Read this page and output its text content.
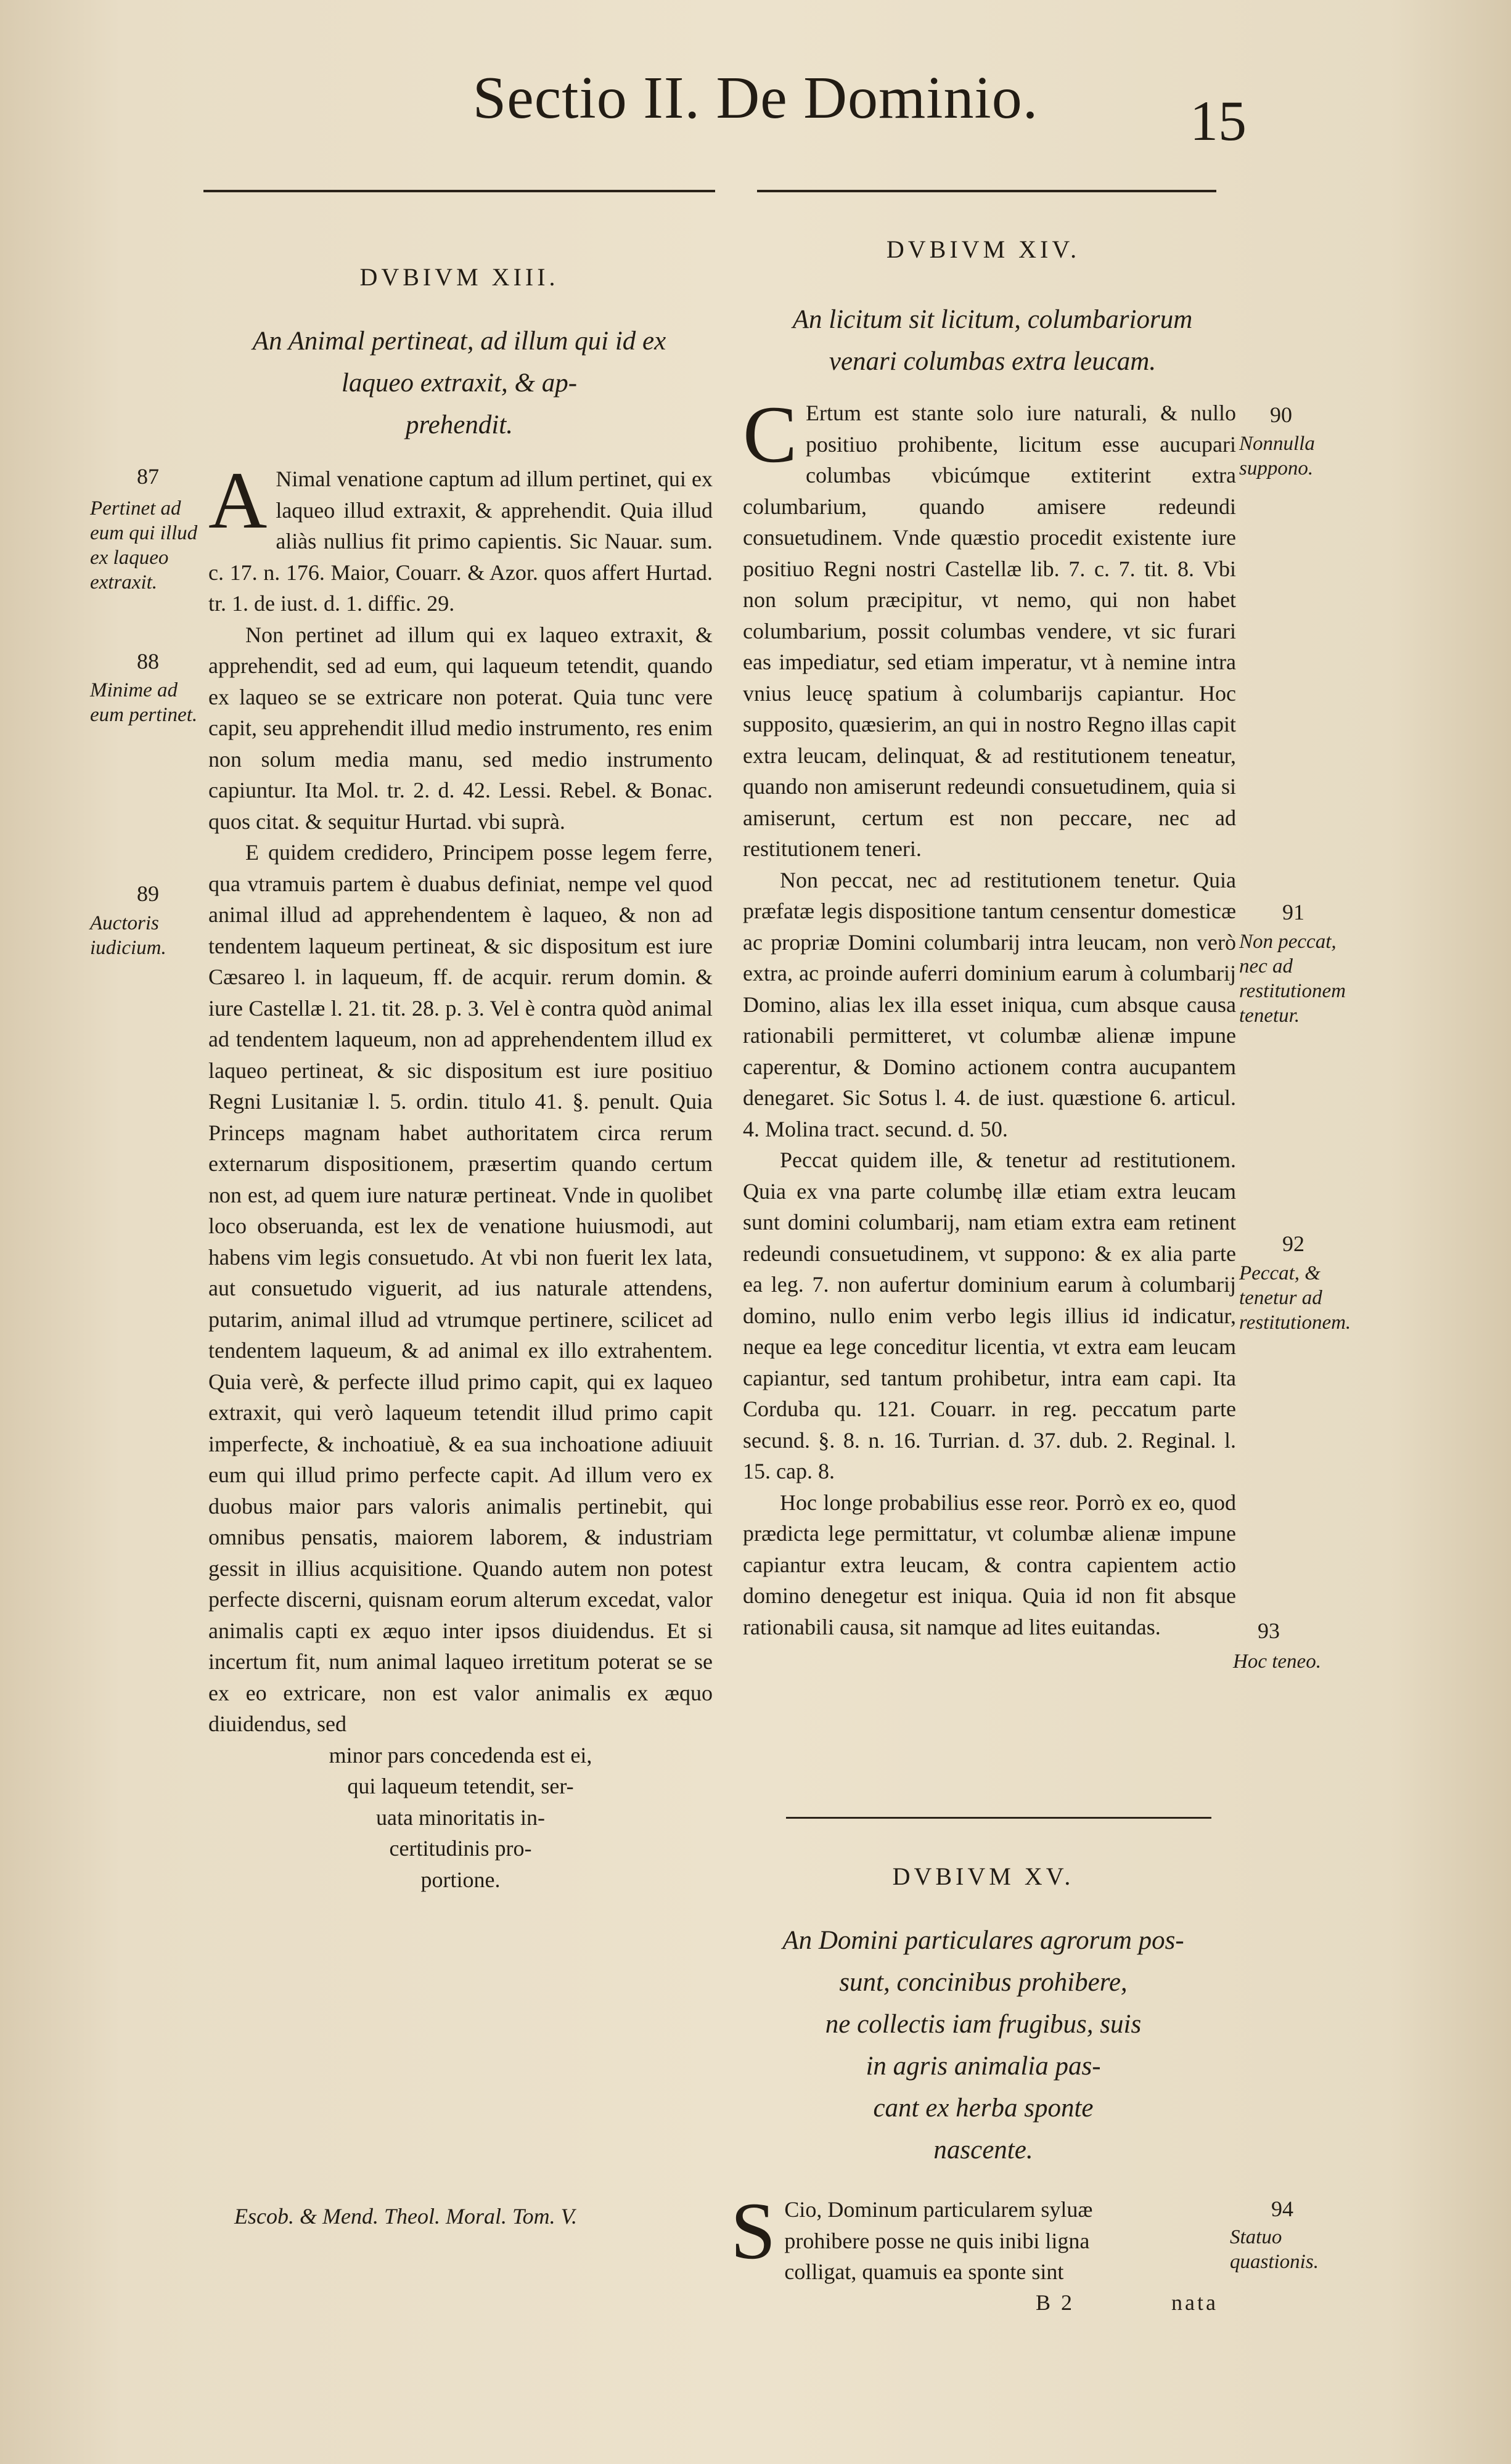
Sectio II. De Dominio.	15
DVBIVM XIII.
An Animal pertineat, ad illum qui id ex
laqueo extraxit, & ap-
prehendit.

A Nimal venatione captum ad illum pertinet, qui ex laqueo illud extraxit, & apprehendit. Quia illud aliàs nullius fit primo capientis. Sic Nauar. sum. c. 17. n. 176. Maior, Couarr. & Azor. quos affert Hurtad. tr. 1. de iust. d. 1. diffic. 29.

Non pertinet ad illum qui ex laqueo extraxit, & apprehendit, sed ad eum, qui laqueum tetendit, quando ex laqueo se se extricare non poterat. Quia tunc vere capit, seu apprehendit illud medio instrumento, res enim non solum media manu, sed medio instrumento capiuntur. Ita Mol. tr. 2. d. 42. Lessi. Rebel. & Bonac. quos citat. & sequitur Hurtad. vbi suprà.

E quidem credidero, Principem posse legem ferre, qua vtramuis partem è duabus definiat, nempe vel quod animal illud ad apprehendentem è laqueo, & non ad tendentem laqueum pertineat, & sic dispositum est iure Cæsareo l. in laqueum, ff. de acquir. rerum domin. & iure Castellæ l. 21. tit. 28. p. 3. Vel è contra quòd animal ad tendentem laqueum, non ad apprehendentem illud ex laqueo pertineat, & sic dispositum est iure positiuo Regni Lusitaniæ l. 5. ordin. titulo 41. §. penult. Quia Princeps magnam habet authoritatem circa rerum externarum dispositionem, præsertim quando certum non est, ad quem iure naturæ pertineat. Vnde in quolibet loco obseruanda, est lex de venatione huiusmodi, aut habens vim legis consuetudo. At vbi non fuerit lex lata, aut consuetudo viguerit, ad ius naturale attendens, putarim, animal illud ad vtrumque pertinere, scilicet ad tendentem laqueum, & ad animal ex illo extrahentem. Quia verè, & perfecte illud primo capit, qui ex laqueo extraxit, qui verò laqueum tetendit illud primo capit imperfecte, & inchoatiuè, & ea sua inchoatione adiuuit eum qui illud primo perfecte capit. Ad illum vero ex duobus maior pars valoris animalis pertinebit, qui omnibus pensatis, maiorem laborem, & industriam gessit in illius acquisitione. Quando autem non potest perfecte discerni, quisnam eorum alterum excedat, valor animalis capti ex æquo inter ipsos diuidendus. Et si incertum fit, num animal laqueo irretitum poterat se se ex eo extricare, non est valor animalis ex æquo diuidendus, sed

minor pars concedenda est ei,

qui laqueum tetendit, ser-

uata minoritatis in-

certitudinis pro-

portione.

87
Pertinet ad eum qui illud ex laqueo extraxit.
88
Minime ad eum pertinet.
89
Auctoris iudicium.
DVBIVM XIV.
An licitum sit licitum, columbariorum
venari columbas extra leucam.

C Ertum est stante solo iure naturali, & nullo positiuo prohibente, licitum esse aucupari columbas vbicúmque extiterint extra columbarium, quando amisere redeundi consuetudinem. Vnde quæstio procedit existente iure positiuo Regni nostri Castellæ lib. 7. c. 7. tit. 8. Vbi non solum præcipitur, vt nemo, qui non habet columbarium, possit columbas vendere, vt sic furari eas impediatur, sed etiam imperatur, vt à nemine intra vnius leucę spatium à columbarijs capiantur. Hoc supposito, quæsierim, an qui in nostro Regno illas capit extra leucam, delinquat, & ad restitutionem teneatur, quando non amiserunt redeundi consuetudinem, quia si amiserunt, certum est non peccare, nec ad restitutionem teneri.

Non peccat, nec ad restitutionem tenetur. Quia præfatæ legis dispositione tantum censentur domesticæ ac propriæ Domini columbarij intra leucam, non verò extra, ac proinde auferri dominium earum à columbarij Domino, alias lex illa esset iniqua, cum absque causa rationabili permitteret, vt columbæ alienæ impune caperentur, & Domino actionem contra aucupantem denegaret. Sic Sotus l. 4. de iust. quæstione 6. articul. 4. Molina tract. secund. d. 50.

Peccat quidem ille, & tenetur ad restitutionem. Quia ex vna parte columbę illæ etiam extra leucam sunt domini columbarij, nam etiam extra eam retinent redeundi consuetudinem, vt suppono: & ex alia parte ea leg. 7. non aufertur dominium earum à columbarij domino, nullo enim verbo legis illius id indicatur, neque ea lege conceditur licentia, vt extra eam leucam capiantur, sed tantum prohibetur, intra eam capi. Ita Corduba qu. 121. Couarr. in reg. peccatum parte secund. §. 8. n. 16. Turrian. d. 37. dub. 2. Reginal. l. 15. cap. 8.

Hoc longe probabilius esse reor. Porrò ex eo, quod prædicta lege permittatur, vt columbæ alienæ impune capiantur extra leucam, & contra capientem actio domino denegetur est iniqua. Quia id non fit absque rationabili causa, sit namque ad lites euitandas.

90
Nonnulla suppono.
91
Non peccat, nec ad restitutionem tenetur.
92
Peccat, & tenetur ad restitutionem.
93
Hoc teneo.
DVBIVM XV.
An Domini particulares agrorum pos-
sunt, concinibus prohibere,
ne collectis iam frugibus, suis
in agris animalia pas-
cant ex herba sponte
nascente.
S Cio, Dominum particularem syluæ
prohibere posse ne quis inibi ligna
colligat, quamuis ea sponte sint
94
Statuo quastionis.
Escob. & Mend. Theol. Moral. Tom. V.
B 2	nata
